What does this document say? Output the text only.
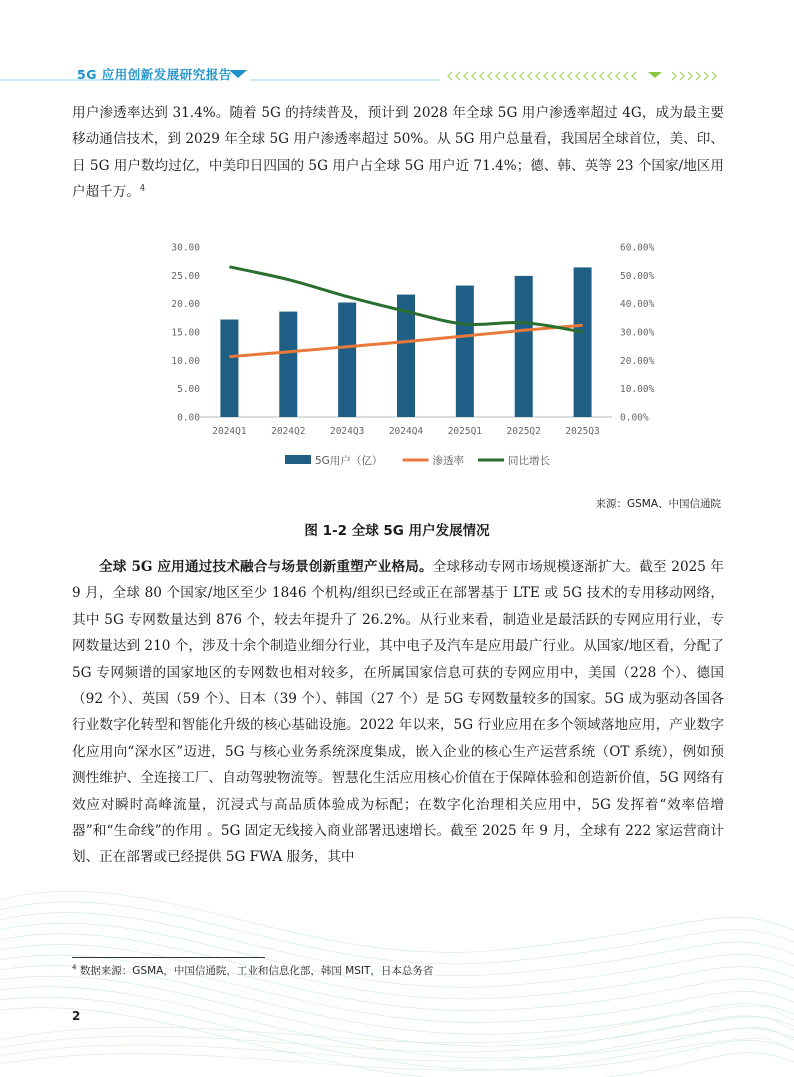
5G 应用创新发展研究报告

用户渗透率达到 31.4%。随着 5G 的持续普及，预计到 2028 年全球 5G 用户渗透率超过 4G，成为最主要移动通信技术，到 2029 年全球 5G 用户渗透率超过 50%。从 5G 用户总量看，我国居全球首位，美、印、日 5G 用户数均过亿，中美印日四国的 5G 用户占全球 5G 用户近 71.4%；德、韩、英等 23 个国家/地区用户超千万。$^4$

0.00
5.00
10.00
15.00
20.00
25.00
30.00
0.00%
10.00%
20.00%
30.00%
40.00%
50.00%
60.00%
2024Q1	2024Q2	2024Q3	2024Q4	2025Q1	2025Q2	2025Q3
5G用户（亿）	渗透率	同比增长
来源：GSMA、中国信通院
图 1-2 全球 5G 用户发展情况

全球 5G 应用通过技术融合与场景创新重塑产业格局。全球移动专网市场规模逐渐扩大。截至 2025 年 9 月，全球 80 个国家/地区至少 1846 个机构/组织已经或正在部署基于 LTE 或 5G 技术的专用移动网络，其中 5G 专网数量达到 876 个，较去年提升了 26.2%。从行业来看，制造业是最活跃的专网应用行业，专网数量达到 210 个，涉及十余个制造业细分行业，其中电子及汽车是应用最广行业。从国家/地区看，分配了 5G 专网频谱的国家地区的专网数也相对较多，在所属国家信息可获的专网应用中，美国（228 个）、德国（92 个）、英国（59 个）、日本（39 个）、韩国（27 个）是 5G 专网数量较多的国家。5G 成为驱动各国各行业数字化转型和智能化升级的核心基础设施。2022 年以来，5G 行业应用在多个领域落地应用，产业数字化应用向“深水区”迈进，5G 与核心业务系统深度集成，嵌入企业的核心生产运营系统（OT 系统），例如预测性维护、全连接工厂、自动驾驶物流等。智慧化生活应用核心价值在于保障体验和创造新价值，5G 网络有效应对瞬时高峰流量，沉浸式与高品质体验成为标配；在数字化治理相关应用中，5G 发挥着“效率倍增器”和“生命线”的作用 。5G 固定无线接入商业部署迅速增长。截至 2025 年 9 月，全球有 222 家运营商计划、正在部署或已经提供 5G FWA 服务，其中

$^4$ 数据来源：GSMA，中国信通院，工业和信息化部，韩国 MSIT，日本总务省
2
